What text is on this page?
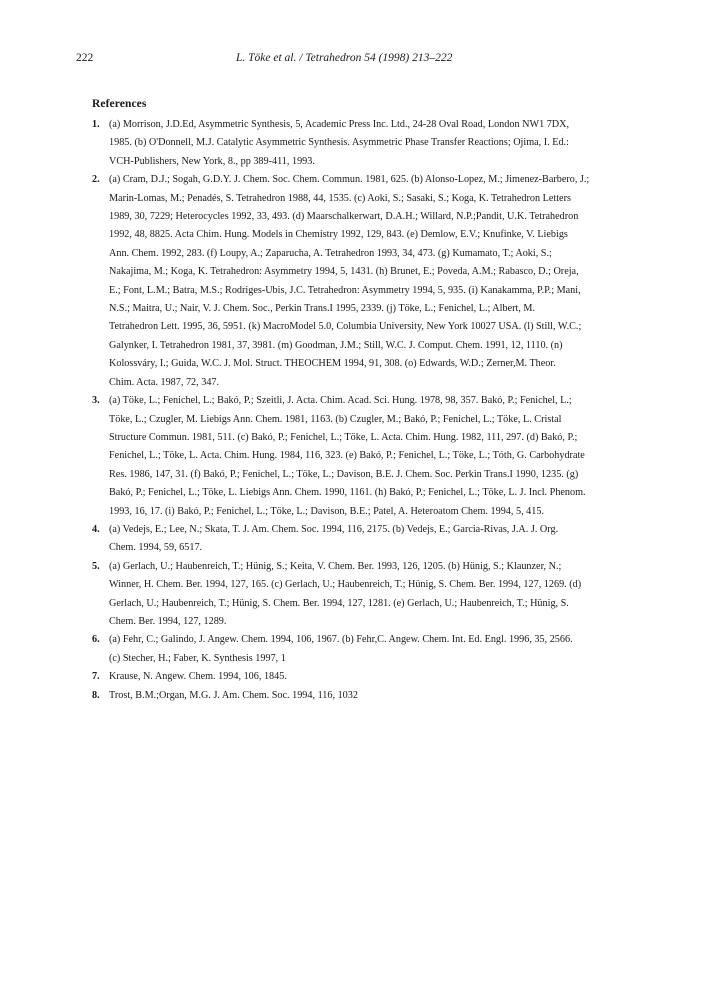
222	L. Töke et al. / Tetrahedron 54 (1998) 213–222
References
1. (a) Morrison, J.D.Ed, Asymmetric Synthesis, 5, Academic Press Inc. Ltd., 24-28 Oval Road, London NW1 7DX,
1985. (b) O'Donnell, M.J. Catalytic Asymmetric Synthesis. Asymmetric Phase Transfer Reactions; Ojima, I. Ed.:
VCH-Publishers, New York, 8., pp 389-411, 1993.
2. (a) Cram, D.J.; Sogah, G.D.Y. J. Chem. Soc. Chem. Commun. 1981, 625. (b) Alonso-Lopez, M.; Jimenez-Barbero, J.;
Marin-Lomas, M.; Penadés, S. Tetrahedron 1988, 44, 1535. (c) Aoki, S.; Sasaki, S.; Koga, K. Tetrahedron Letters
1989, 30, 7229; Heterocycles 1992, 33, 493. (d) Maarschalkerwart, D.A.H.; Willard, N.P.;Pandit, U.K. Tetrahedron
1992, 48, 8825. Acta Chim. Hung. Models in Chemistry 1992, 129, 843. (e) Demlow, E.V.; Knufinke, V. Liebigs
Ann. Chem. 1992, 283. (f) Loupy, A.; Zaparucha, A. Tetrahedron 1993, 34, 473. (g) Kumamato, T.; Aoki, S.;
Nakajima, M.; Koga, K. Tetrahedron: Asymmetry 1994, 5, 1431. (h) Brunet, E.; Poveda, A.M.; Rabasco, D.; Oreja,
E.; Font, L.M.; Batra, M.S.; Rodriges-Ubis, J.C. Tetrahedron: Asymmetry 1994, 5, 935. (i) Kanakamma, P.P.; Mani,
N.S.; Maitra, U.; Nair, V. J. Chem. Soc., Perkin Trans.I 1995, 2339. (j) Töke, L.; Fenichel, L.; Albert, M.
Tetrahedron Lett. 1995, 36, 5951. (k) MacroModel 5.0, Columbia University, New York 10027 USA. (l) Still, W.C.;
Galynker, I. Tetrahedron 1981, 37, 3981. (m) Goodman, J.M.; Still, W.C. J. Comput. Chem. 1991, 12, 1110. (n)
Kolossváry, I.; Guida, W.C. J. Mol. Struct. THEOCHEM 1994, 91, 308. (o) Edwards, W.D.; Zerner,M. Theor.
Chim. Acta. 1987, 72, 347.
3. (a) Töke, L.; Fenichel, L.; Bakó, P.; Szeitli, J. Acta. Chim. Acad. Sci. Hung. 1978, 98, 357. Bakó, P.; Fenichel, L.;
Töke, L.; Czugler, M. Liebigs Ann. Chem. 1981, 1163. (b) Czugler, M.; Bakó, P.; Fenichel, L.; Töke, L. Cristal
Structure Commun. 1981, 511. (c) Bakó, P.; Fenichel, L.; Töke, L. Acta. Chim. Hung. 1982, 111, 297. (d) Bakó, P.;
Fenichel, L.; Töke, L. Acta. Chim. Hung. 1984, 116, 323. (e) Bakó, P.; Fenichel, L.; Töke, L.; Tóth, G. Carbohydrate
Res. 1986, 147, 31. (f) Bakó, P.; Fenichel, L.; Töke, L.; Davison, B.E. J. Chem. Soc. Perkin Trans.I 1990, 1235. (g)
Bakó, P.; Fenichel, L.; Töke, L. Liebigs Ann. Chem. 1990, 1161. (h) Bakó, P.; Fenichel, L.; Töke, L. J. Incl. Phenom.
1993, 16, 17. (i) Bakó, P.; Fenichel, L.; Töke, L.; Davison, B.E.; Patel, A. Heteroatom Chem. 1994, 5, 415.
4. (a) Vedejs, E.; Lee, N.; Skata, T. J. Am. Chem. Soc. 1994, 116, 2175. (b) Vedejs, E.; Garcia-Rivas, J.A. J. Org.
Chem. 1994, 59, 6517.
5. (a) Gerlach, U.; Haubenreich, T.; Hünig, S.; Keita, V. Chem. Ber. 1993, 126, 1205. (b) Hünig, S.; Klaunzer, N.;
Winner, H. Chem. Ber. 1994, 127, 165. (c) Gerlach, U.; Haubenreich, T.; Hünig, S. Chem. Ber. 1994, 127, 1269. (d)
Gerlach, U.; Haubenreich, T.; Hünig, S. Chem. Ber. 1994, 127, 1281. (e) Gerlach, U.; Haubenreich, T.; Hünig, S.
Chem. Ber. 1994, 127, 1289.
6. (a) Fehr, C.; Galindo, J. Angew. Chem. 1994, 106, 1967. (b) Fehr,C. Angew. Chem. Int. Ed. Engl. 1996, 35, 2566.
(c) Stecher, H.; Faber, K. Synthesis 1997, 1
7. Krause, N. Angew. Chem. 1994, 106, 1845.
8. Trost, B.M.;Organ, M.G. J. Am. Chem. Soc. 1994, 116, 1032
